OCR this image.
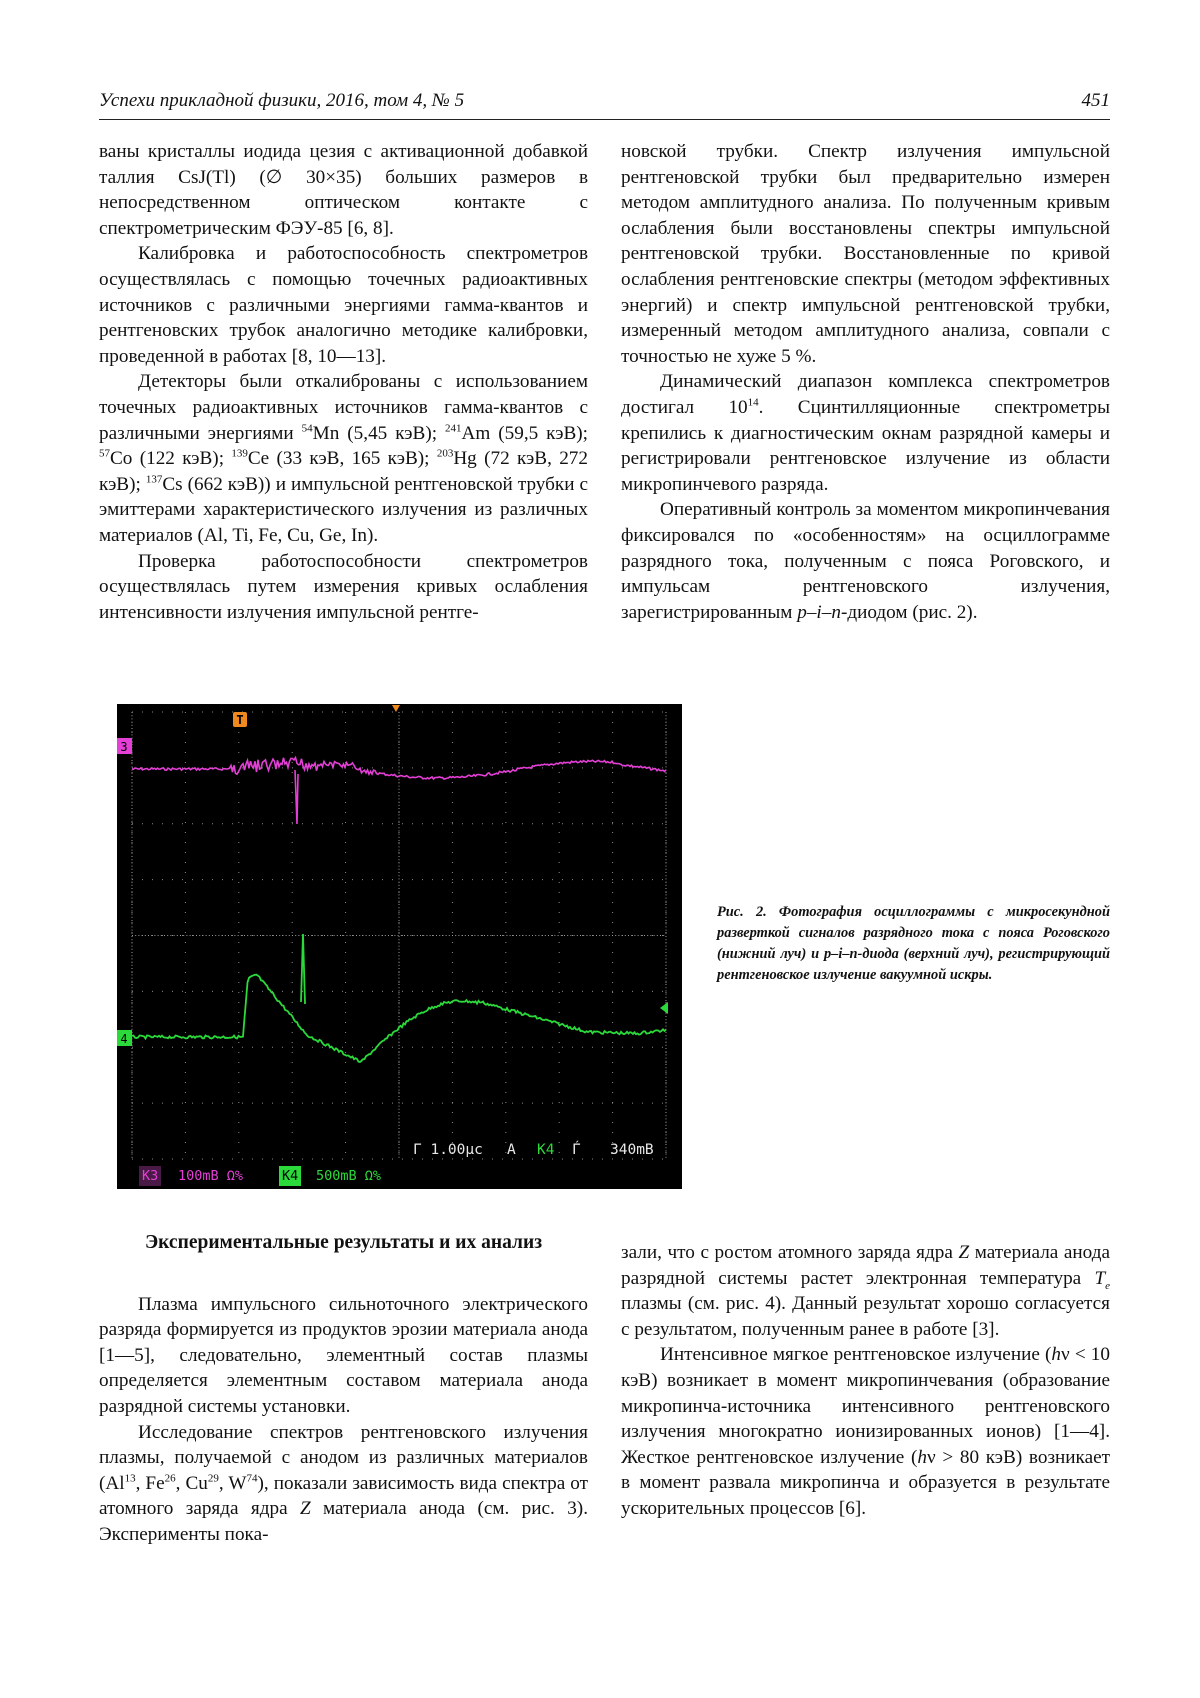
Успехи прикладной физики, 2016, том 4, № 5	451

ваны кристаллы иодида цезия с активационной добавкой таллия CsJ(Tl) (∅ 30×35) больших размеров в непосредственном оптическом контакте с спектрометрическим ФЭУ-85 [6, 8].

Калибровка и работоспособность спектрометров осуществлялась с помощью точечных радиоактивных источников с различными энергиями гамма-квантов и рентгеновских трубок аналогично методике калибровки, проведенной в работах [8, 10—13].

Детекторы были откалиброваны с использованием точечных радиоактивных источников гамма-квантов с различными энергиями $^{54}$Mn (5,45 кэВ); $^{241}$Am (59,5 кэВ); $^{57}$Co (122 кэВ); $^{139}$Ce (33 кэВ, 165 кэВ); $^{203}$Hg (72 кэВ, 272 кэВ); $^{137}$Cs (662 кэВ)) и импульсной рентгеновской трубки с эмиттерами характеристического излучения из различных материалов (Al, Ti, Fe, Cu, Ge, In).

Проверка работоспособности спектрометров осуществлялась путем измерения кривых ослабления интенсивности излучения импульсной рентге-

новской трубки. Спектр излучения импульсной рентгеновской трубки был предварительно измерен методом амплитудного анализа. По полученным кривым ослабления были восстановлены спектры импульсной рентгеновской трубки. Восстановленные по кривой ослабления рентгеновские спектры (методом эффективных энергий) и спектр импульсной рентгеновской трубки, измеренный методом амплитудного анализа, совпали с точностью не хуже 5 %.

Динамический диапазон комплекса спектрометров достигал $10^{14}$. Сцинтилляционные спектрометры крепились к диагностическим окнам разрядной камеры и регистрировали рентгеновское излучение из области микропинчевого разряда.

Оперативный контроль за моментом микропинчевания фиксировался по «особенностям» на осциллограмме разрядного тока, полученным с пояса Роговского, и импульсам рентгеновского излучения, зарегистрированным p–i–n-диодом (рис. 2).

T
3
4
Г 1.00µс A K4 Ѓ 340mВ
K3 100mВ Ω%	K4 500mВ Ω%

Рис. 2. Фотография осциллограммы с микросекундной разверткой сигналов разрядного тока с пояса Роговского (нижний луч) и p–i–n-диода (верхний луч), регистрирующий рентгеновское излучение вакуумной искры.

Экспериментальные результаты и их анализ

Плазма импульсного сильноточного электрического разряда формируется из продуктов эрозии материала анода [1—5], следовательно, элементный состав плазмы определяется элементным составом материала анода разрядной системы установки.

Исследование спектров рентгеновского излучения плазмы, получаемой с анодом из различных материалов (Al$^{13}$, Fe$^{26}$, Cu$^{29}$, $W^{74}$), показали зависимость вида спектра от атомного заряда ядра Z материала анода (см. рис. 3). Эксперименты пока-

зали, что с ростом атомного заряда ядра Z материала анода разрядной системы растет электронная температура $T_e$ плазмы (см. рис. 4). Данный результат хорошо согласуется с результатом, полученным ранее в работе [3].

Интенсивное мягкое рентгеновское излучение (hν < 10 кэВ) возникает в момент микропинчевания (образование микропинча-источника интенсивного рентгеновского излучения многократно ионизированных ионов) [1—4]. Жесткое рентгеновское излучение (hν > 80 кэВ) возникает в момент развала микропинча и образуется в результате ускорительных процессов [6].
